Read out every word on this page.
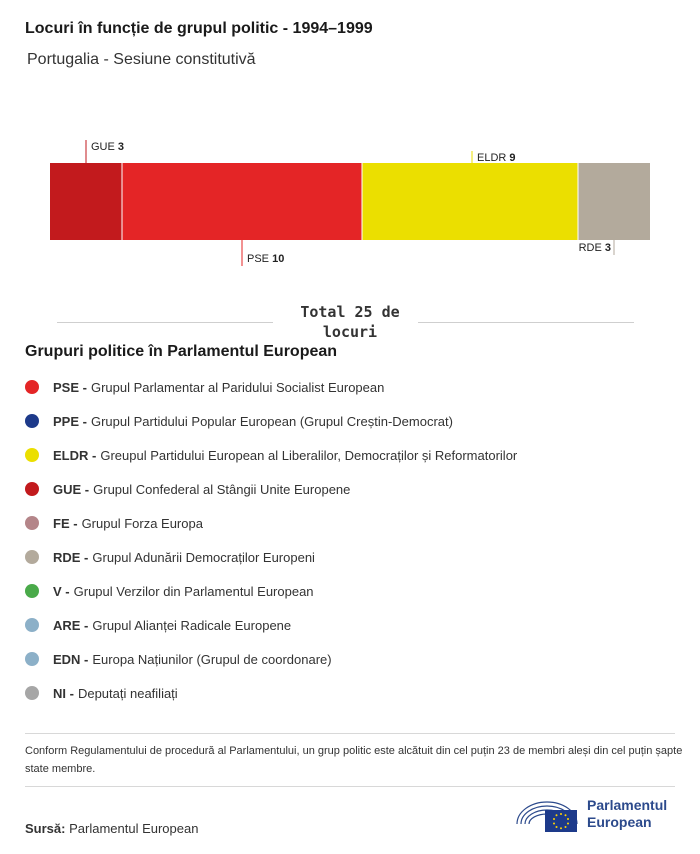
Locuri în funcție de grupul politic - 1994–1999
Portugalia - Sesiune constitutivă
GUE 3
PSE 10
ELDR 9
RDE 3
Total 25 de locuri
Grupuri politice în Parlamentul European
PSE - Grupul Parlamentar al Paridului Socialist European
PPE - Grupul Partidului Popular European (Grupul Creștin-Democrat)
ELDR - Greupul Partidului European al Liberalilor, Democraților și Reformatorilor
GUE - Grupul Confederal al Stângii Unite Europene
FE - Grupul Forza Europa
RDE - Grupul Adunării Democraților Europeni
V - Grupul Verzilor din Parlamentul European
ARE - Grupul Alianței Radicale Europene
EDN - Europa Națiunilor (Grupul de coordonare)
NI - Deputați neafiliați
Conform Regulamentului de procedură al Parlamentului, un grup politic este alcătuit din cel puțin 23 de membri aleși din cel puțin șapte state membre.
Sursă: Parlamentul European
Parlamentul
European
